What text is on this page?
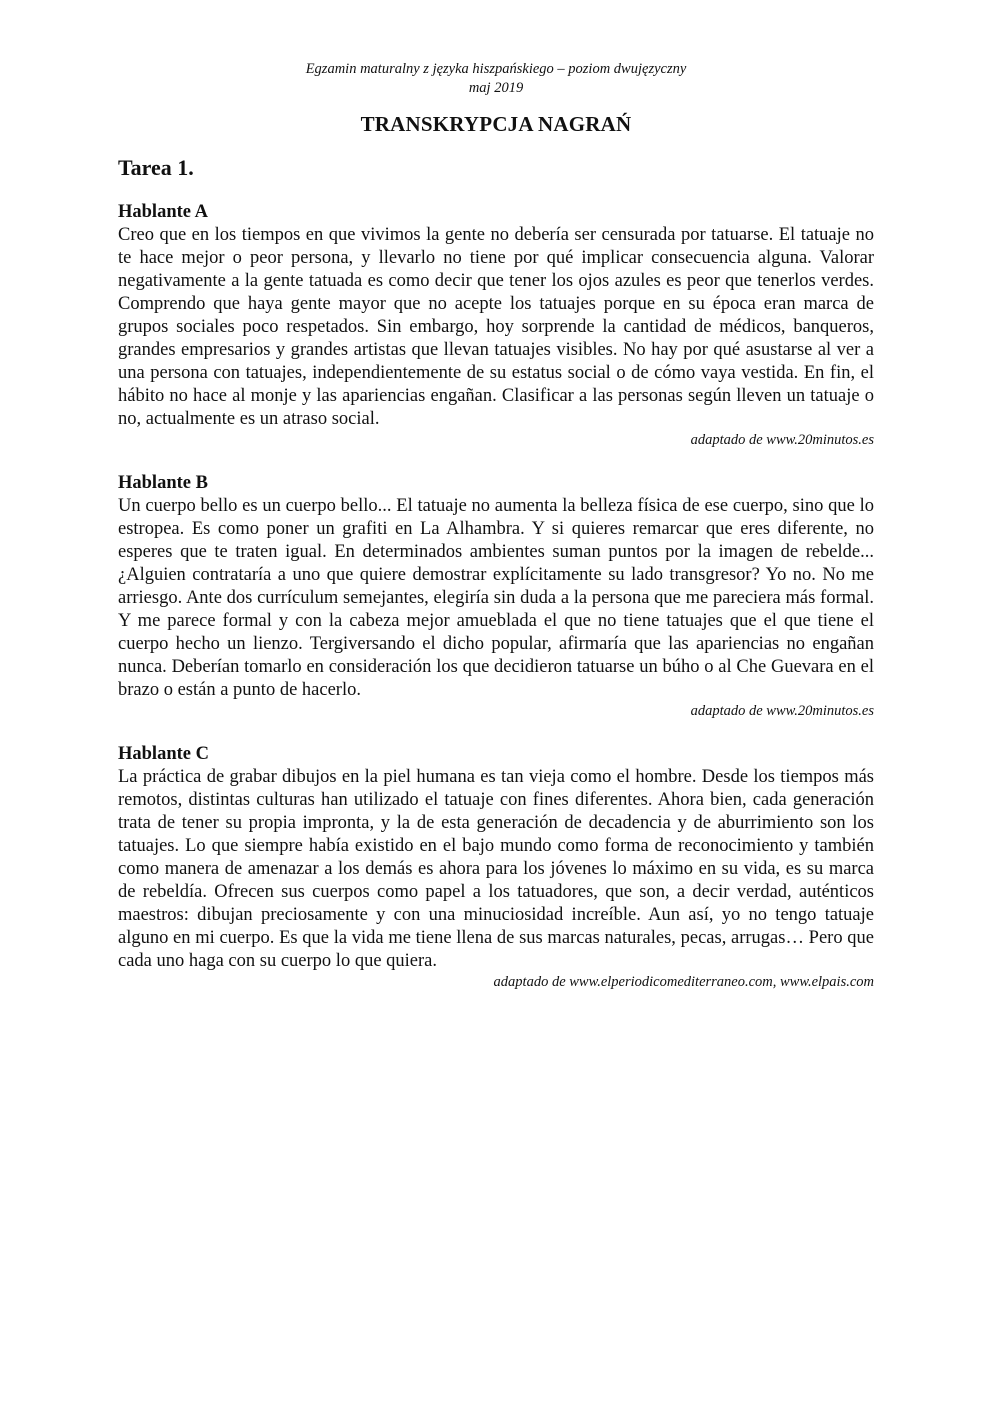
Egzamin maturalny z języka hiszpańskiego – poziom dwujęzyczny
maj 2019
TRANSKRYPCJA NAGRAŃ
Tarea 1.
Hablante A
Creo que en los tiempos en que vivimos la gente no debería ser censurada por tatuarse. El tatuaje no te hace mejor o peor persona, y llevarlo no tiene por qué implicar consecuencia alguna. Valorar negativamente a la gente tatuada es como decir que tener los ojos azules es peor que tenerlos verdes. Comprendo que haya gente mayor que no acepte los tatuajes porque en su época eran marca de grupos sociales poco respetados. Sin embargo, hoy sorprende la cantidad de médicos, banqueros, grandes empresarios y grandes artistas que llevan tatuajes visibles. No hay por qué asustarse al ver a una persona con tatuajes, independientemente de su estatus social o de cómo vaya vestida. En fin, el hábito no hace al monje y las apariencias engañan. Clasificar a las personas según lleven un tatuaje o no, actualmente es un atraso social.
adaptado de www.20minutos.es
Hablante B
Un cuerpo bello es un cuerpo bello... El tatuaje no aumenta la belleza física de ese cuerpo, sino que lo estropea. Es como poner un grafiti en La Alhambra. Y si quieres remarcar que eres diferente, no esperes que te traten igual. En determinados ambientes suman puntos por la imagen de rebelde... ¿Alguien contrataría a uno que quiere demostrar explícitamente su lado transgresor? Yo no. No me arriesgo. Ante dos currículum semejantes, elegiría sin duda a la persona que me pareciera más formal. Y me parece formal y con la cabeza mejor amueblada el que no tiene tatuajes que el que tiene el cuerpo hecho un lienzo. Tergiversando el dicho popular, afirmaría que las apariencias no engañan nunca. Deberían tomarlo en consideración los que decidieron tatuarse un búho o al Che Guevara en el brazo o están a punto de hacerlo.
adaptado de www.20minutos.es
Hablante C
La práctica de grabar dibujos en la piel humana es tan vieja como el hombre. Desde los tiempos más remotos, distintas culturas han utilizado el tatuaje con fines diferentes. Ahora bien, cada generación trata de tener su propia impronta, y la de esta generación de decadencia y de aburrimiento son los tatuajes. Lo que siempre había existido en el bajo mundo como forma de reconocimiento y también como manera de amenazar a los demás es ahora para los jóvenes lo máximo en su vida, es su marca de rebeldía. Ofrecen sus cuerpos como papel a los tatuadores, que son, a decir verdad, auténticos maestros: dibujan preciosamente y con una minuciosidad increíble. Aun así, yo no tengo tatuaje alguno en mi cuerpo. Es que la vida me tiene llena de sus marcas naturales, pecas, arrugas… Pero que cada uno haga con su cuerpo lo que quiera.
adaptado de www.elperiodicomediterraneo.com, www.elpais.com
